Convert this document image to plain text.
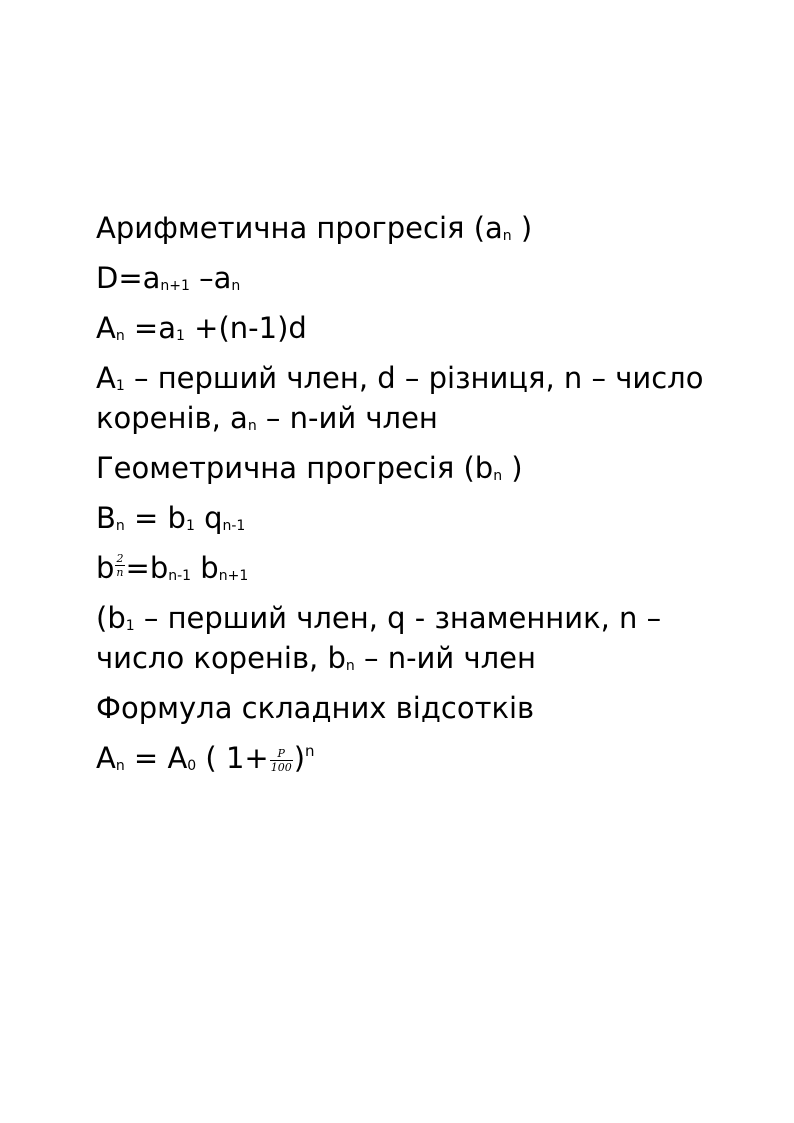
Арифметична прогресія (an )
D=an+1 –an
An =a1 +(n-1)d
A1 – перший член, d – різниця, n – число коренів, an – n-ий член
Геометрична прогресія (bn )
Bn = b1 qn-1
b $\frac{2}{n} =bn-1$ bn+1
(b1 – перший член, q - знаменник, n – число коренів, bn – n-ий член
Формула складних відсотків
An = A0 ( $1+ \frac{P}{100} )^n$
